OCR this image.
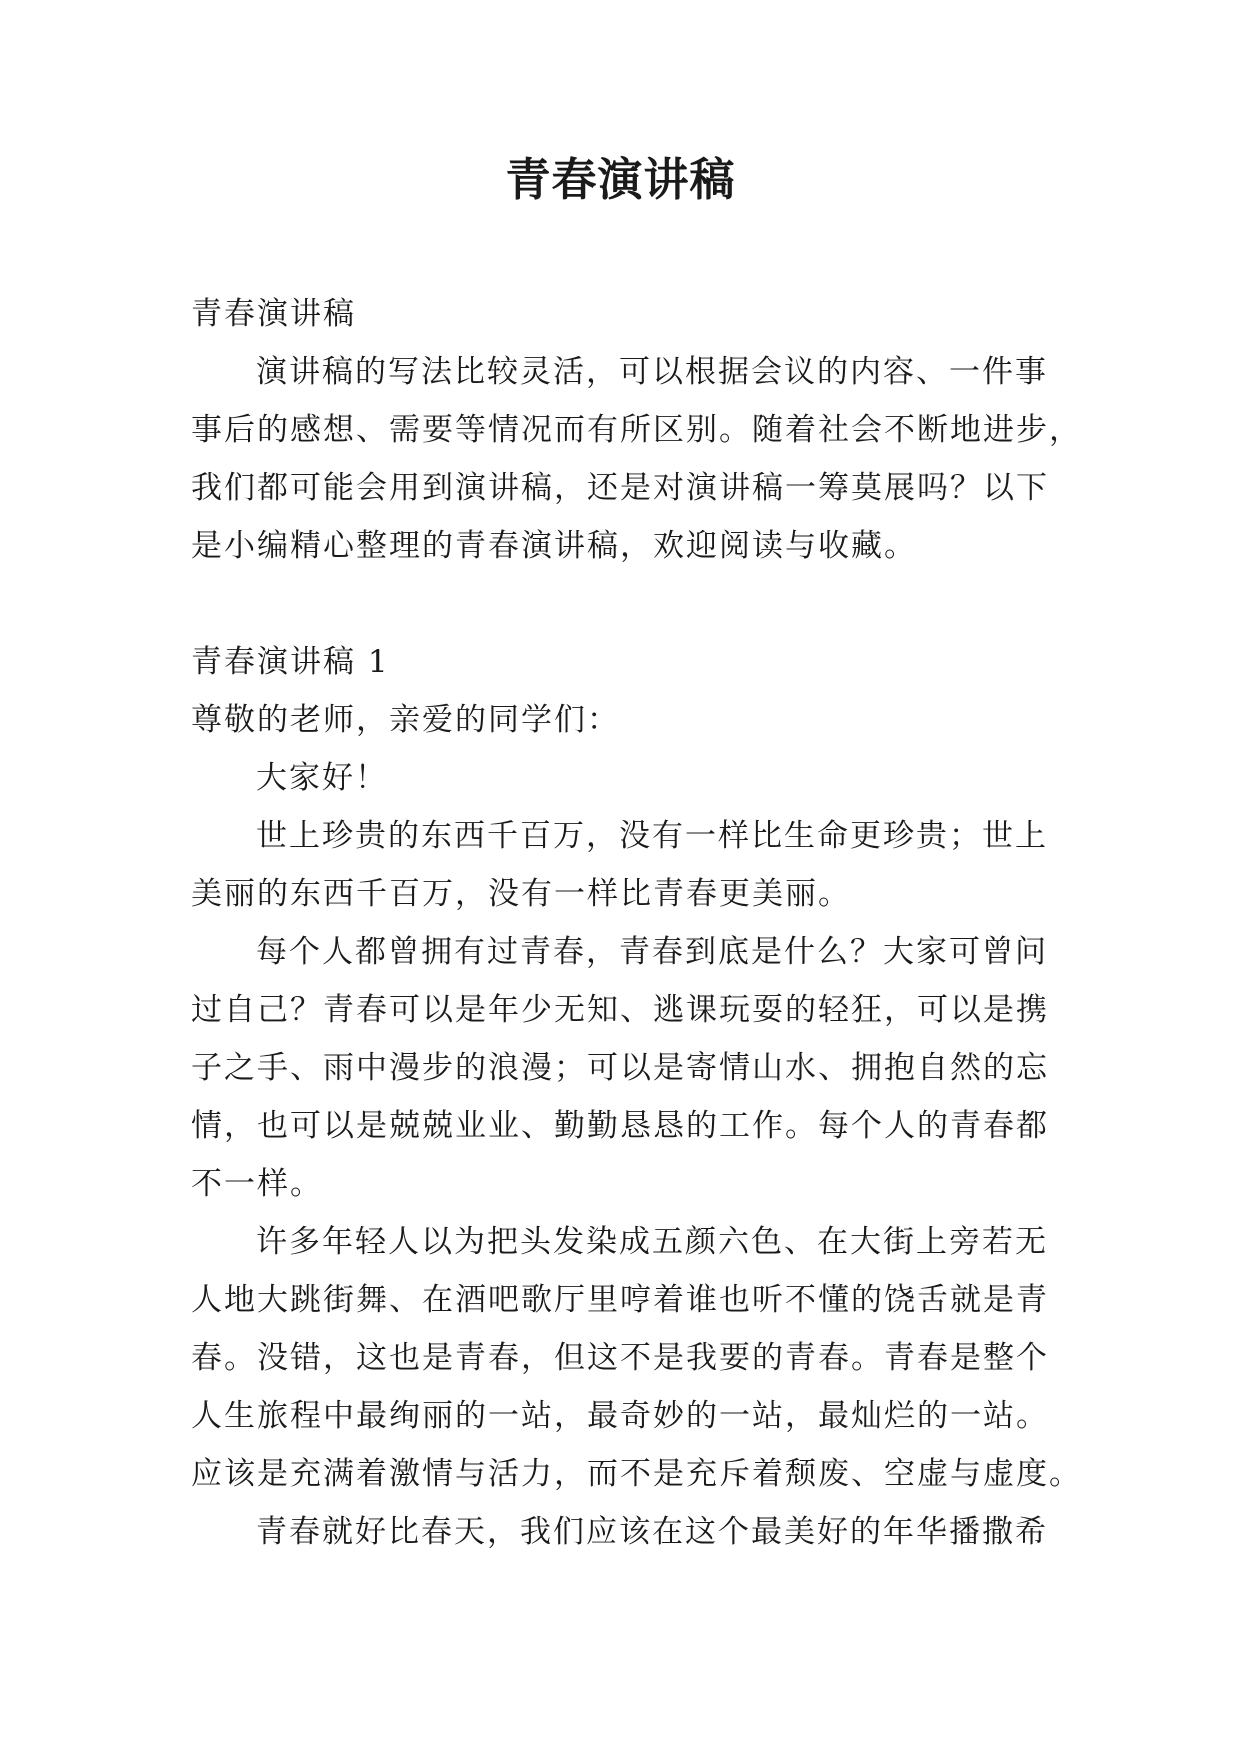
青春演讲稿
青春演讲稿
演讲稿的写法比较灵活，可以根据会议的内容、一件事
事后的感想、需要等情况而有所区别。随着社会不断地进步，
我们都可能会用到演讲稿，还是对演讲稿一筹莫展吗？以下
是小编精心整理的青春演讲稿，欢迎阅读与收藏。
青春演讲稿 1
尊敬的老师，亲爱的同学们：
大家好！
世上珍贵的东西千百万，没有一样比生命更珍贵；世上
美丽的东西千百万，没有一样比青春更美丽。
每个人都曾拥有过青春，青春到底是什么？大家可曾问
过自己？青春可以是年少无知、逃课玩耍的轻狂，可以是携
子之手、雨中漫步的浪漫；可以是寄情山水、拥抱自然的忘
情，也可以是兢兢业业、勤勤恳恳的工作。每个人的青春都
不一样。
许多年轻人以为把头发染成五颜六色、在大街上旁若无
人地大跳街舞、在酒吧歌厅里哼着谁也听不懂的饶舌就是青
春。没错，这也是青春，但这不是我要的青春。青春是整个
人生旅程中最绚丽的一站，最奇妙的一站，最灿烂的一站。
应该是充满着激情与活力，而不是充斥着颓废、空虚与虚度。
青春就好比春天，我们应该在这个最美好的年华播撒希
